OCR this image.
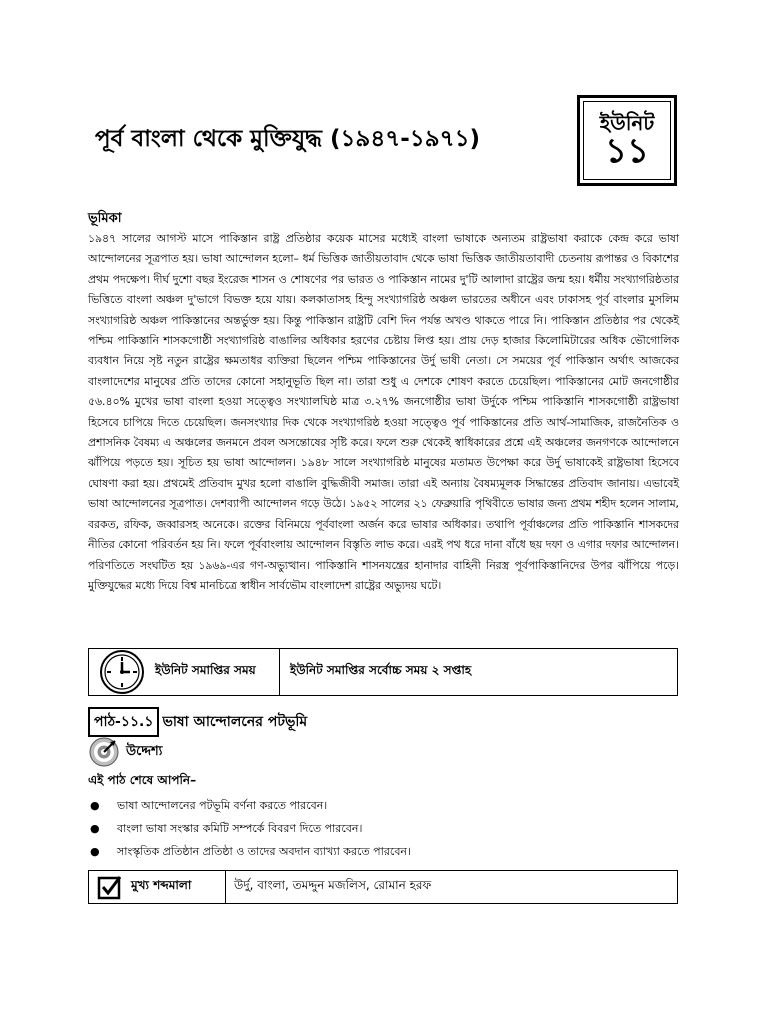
ইউনিট
১১
পূর্ব বাংলা থেকে মুক্তিযুদ্ধ (১৯৪৭-১৯৭১)
ভূমিকা

১৯৪৭ সালের আগস্ট মাসে পাকিস্তান রাষ্ট্র প্রতিষ্ঠার কয়েক মাসের মধ্যেই বাংলা ভাষাকে অন্যতম রাষ্ট্রভাষা করাকে কেন্দ্র করে ভাষা আন্দোলনের সূত্রপাত হয়। ভাষা আন্দোলন হলো– ধর্ম ভিত্তিক জাতীয়তাবাদ থেকে ভাষা ভিত্তিক জাতীয়তাবাদী চেতনায় রূপান্তর ও বিকাশের প্রথম পদক্ষেপ। দীর্ঘ দুশো বছর ইংরেজ শাসন ও শোষণের পর ভারত ও পাকিস্তান নামের দু'টি আলাদা রাষ্ট্রের জন্ম হয়। ধর্মীয় সংখ্যাগরিষ্ঠতার ভিত্তিতে বাংলা অঞ্চল দু'ভাগে বিভক্ত হয়ে যায়। কলকাতাসহ হিন্দু সংখ্যাগরিষ্ঠ অঞ্চল ভারতের অধীনে এবং ঢাকাসহ পূর্ব বাংলার মুসলিম সংখ্যাগরিষ্ঠ অঞ্চল পাকিস্তানের অন্তর্ভুক্ত হয়। কিন্তু পাকিস্তান রাষ্ট্রটি বেশি দিন পর্যন্ত অখণ্ড থাকতে পারে নি। পাকিস্তান প্রতিষ্ঠার পর থেকেই পশ্চিম পাকিস্তানি শাসকগোষ্ঠী সংখ্যাগরিষ্ঠ বাঙালির অধিকার হরণের চেষ্টায় লিপ্ত হয়। প্রায় দেড় হাজার কিলোমিটারের অধিক ভৌগোলিক ব্যবধান নিয়ে সৃষ্ট নতুন রাষ্ট্রের ক্ষমতাধর ব্যক্তিরা ছিলেন পশ্চিম পাকিস্তানের উর্দু ভাষী নেতা। সে সময়ের পূর্ব পাকিস্তান অর্থাৎ আজকের বাংলাদেশের মানুষের প্রতি তাদের কোনো সহানুভূতি ছিল না। তারা শুধু এ দেশকে শোষণ করতে চেয়েছিল। পাকিস্তানের মোট জনগোষ্ঠীর ৫৬.৪০% মুখের ভাষা বাংলা হওয়া সত্ত্বেও সংখ্যালঘিষ্ঠ মাত্র ৩.২৭% জনগোষ্ঠীর ভাষা উর্দুকে পশ্চিম পাকিস্তানি শাসকগোষ্ঠী রাষ্ট্রভাষা হিসেবে চাপিয়ে দিতে চেয়েছিল। জনসংখ্যার দিক থেকে সংখ্যাগরিষ্ঠ হওয়া সত্ত্বেও পূর্ব পাকিস্তানের প্রতি আর্থ-সামাজিক, রাজনৈতিক ও প্রশাসনিক বৈষম্য এ অঞ্চলের জনমনে প্রবল অসন্তোষের সৃষ্টি করে। ফলে শুরু থেকেই স্বাধিকারের প্রশ্নে এই অঞ্চলের জনগণকে আন্দোলনে ঝাঁপিয়ে পড়তে হয়। সূচিত হয় ভাষা আন্দোলন। ১৯৪৮ সালে সংখ্যাগরিষ্ঠ মানুষের মতামত উপেক্ষা করে উর্দু ভাষাকেই রাষ্ট্রভাষা হিসেবে ঘোষণা করা হয়। প্রথমেই প্রতিবাদ মুখর হলো বাঙালি বুদ্ধিজীবী সমাজ। তারা এই অন্যায় বৈষম্যমূলক সিদ্ধান্তের প্রতিবাদ জানায়। এভাবেই ভাষা আন্দোলনের সূত্রপাত। দেশব্যাপী আন্দোলন গড়ে উঠে। ১৯৫২ সালের ২১ ফেব্রুয়ারি পৃথিবীতে ভাষার জন্য প্রথম শহীদ হলেন সালাম, বরকত, রফিক, জব্বারসহ অনেকে। রক্তের বিনিময়ে পূর্ববাংলা অর্জন করে ভাষার অধিকার। তথাপি পূর্বাঞ্চলের প্রতি পাকিস্তানি শাসকদের নীতির কোনো পরিবর্তন হয় নি। ফলে পূর্ববাংলায় আন্দোলন বিস্তৃতি লাভ করে। এরই পথ ধরে দানা বাঁধে ছয় দফা ও এগার দফার আন্দোলন। পরিণতিতে সংঘটিত হয় ১৯৬৯-এর গণ-অভ্যুত্থান। পাকিস্তানি শাসনযন্ত্রের হানাদার বাহিনী নিরস্ত্র পূর্বপাকিস্তানিদের উপর ঝাঁপিয়ে পড়ে। মুক্তিযুদ্ধের মধ্যে দিয়ে বিশ্ব মানচিত্রে স্বাধীন সার্বভৌম বাংলাদেশ রাষ্ট্রের অভ্যুদয় ঘটে।

ইউনিট সমাপ্তির সময়	ইউনিট সমাপ্তির সর্বোচ্চ সময় ২ সপ্তাহ
পাঠ-১১.১ ভাষা আন্দোলনের পটভূমি
উদ্দেশ্য
এই পাঠ শেষে আপনি–
●	ভাষা আন্দোলনের পটভূমি বর্ণনা করতে পারবেন।
●	বাংলা ভাষা সংস্কার কমিটি সম্পর্কে বিবরণ দিতে পারবেন।
●	সাংস্কৃতিক প্রতিষ্ঠান প্রতিষ্ঠা ও তাদের অবদান ব্যাখ্যা করতে পারবেন।
মুখ্য শব্দমালা	উর্দু, বাংলা, তমদ্দুন মজলিস, রোমান হরফ
